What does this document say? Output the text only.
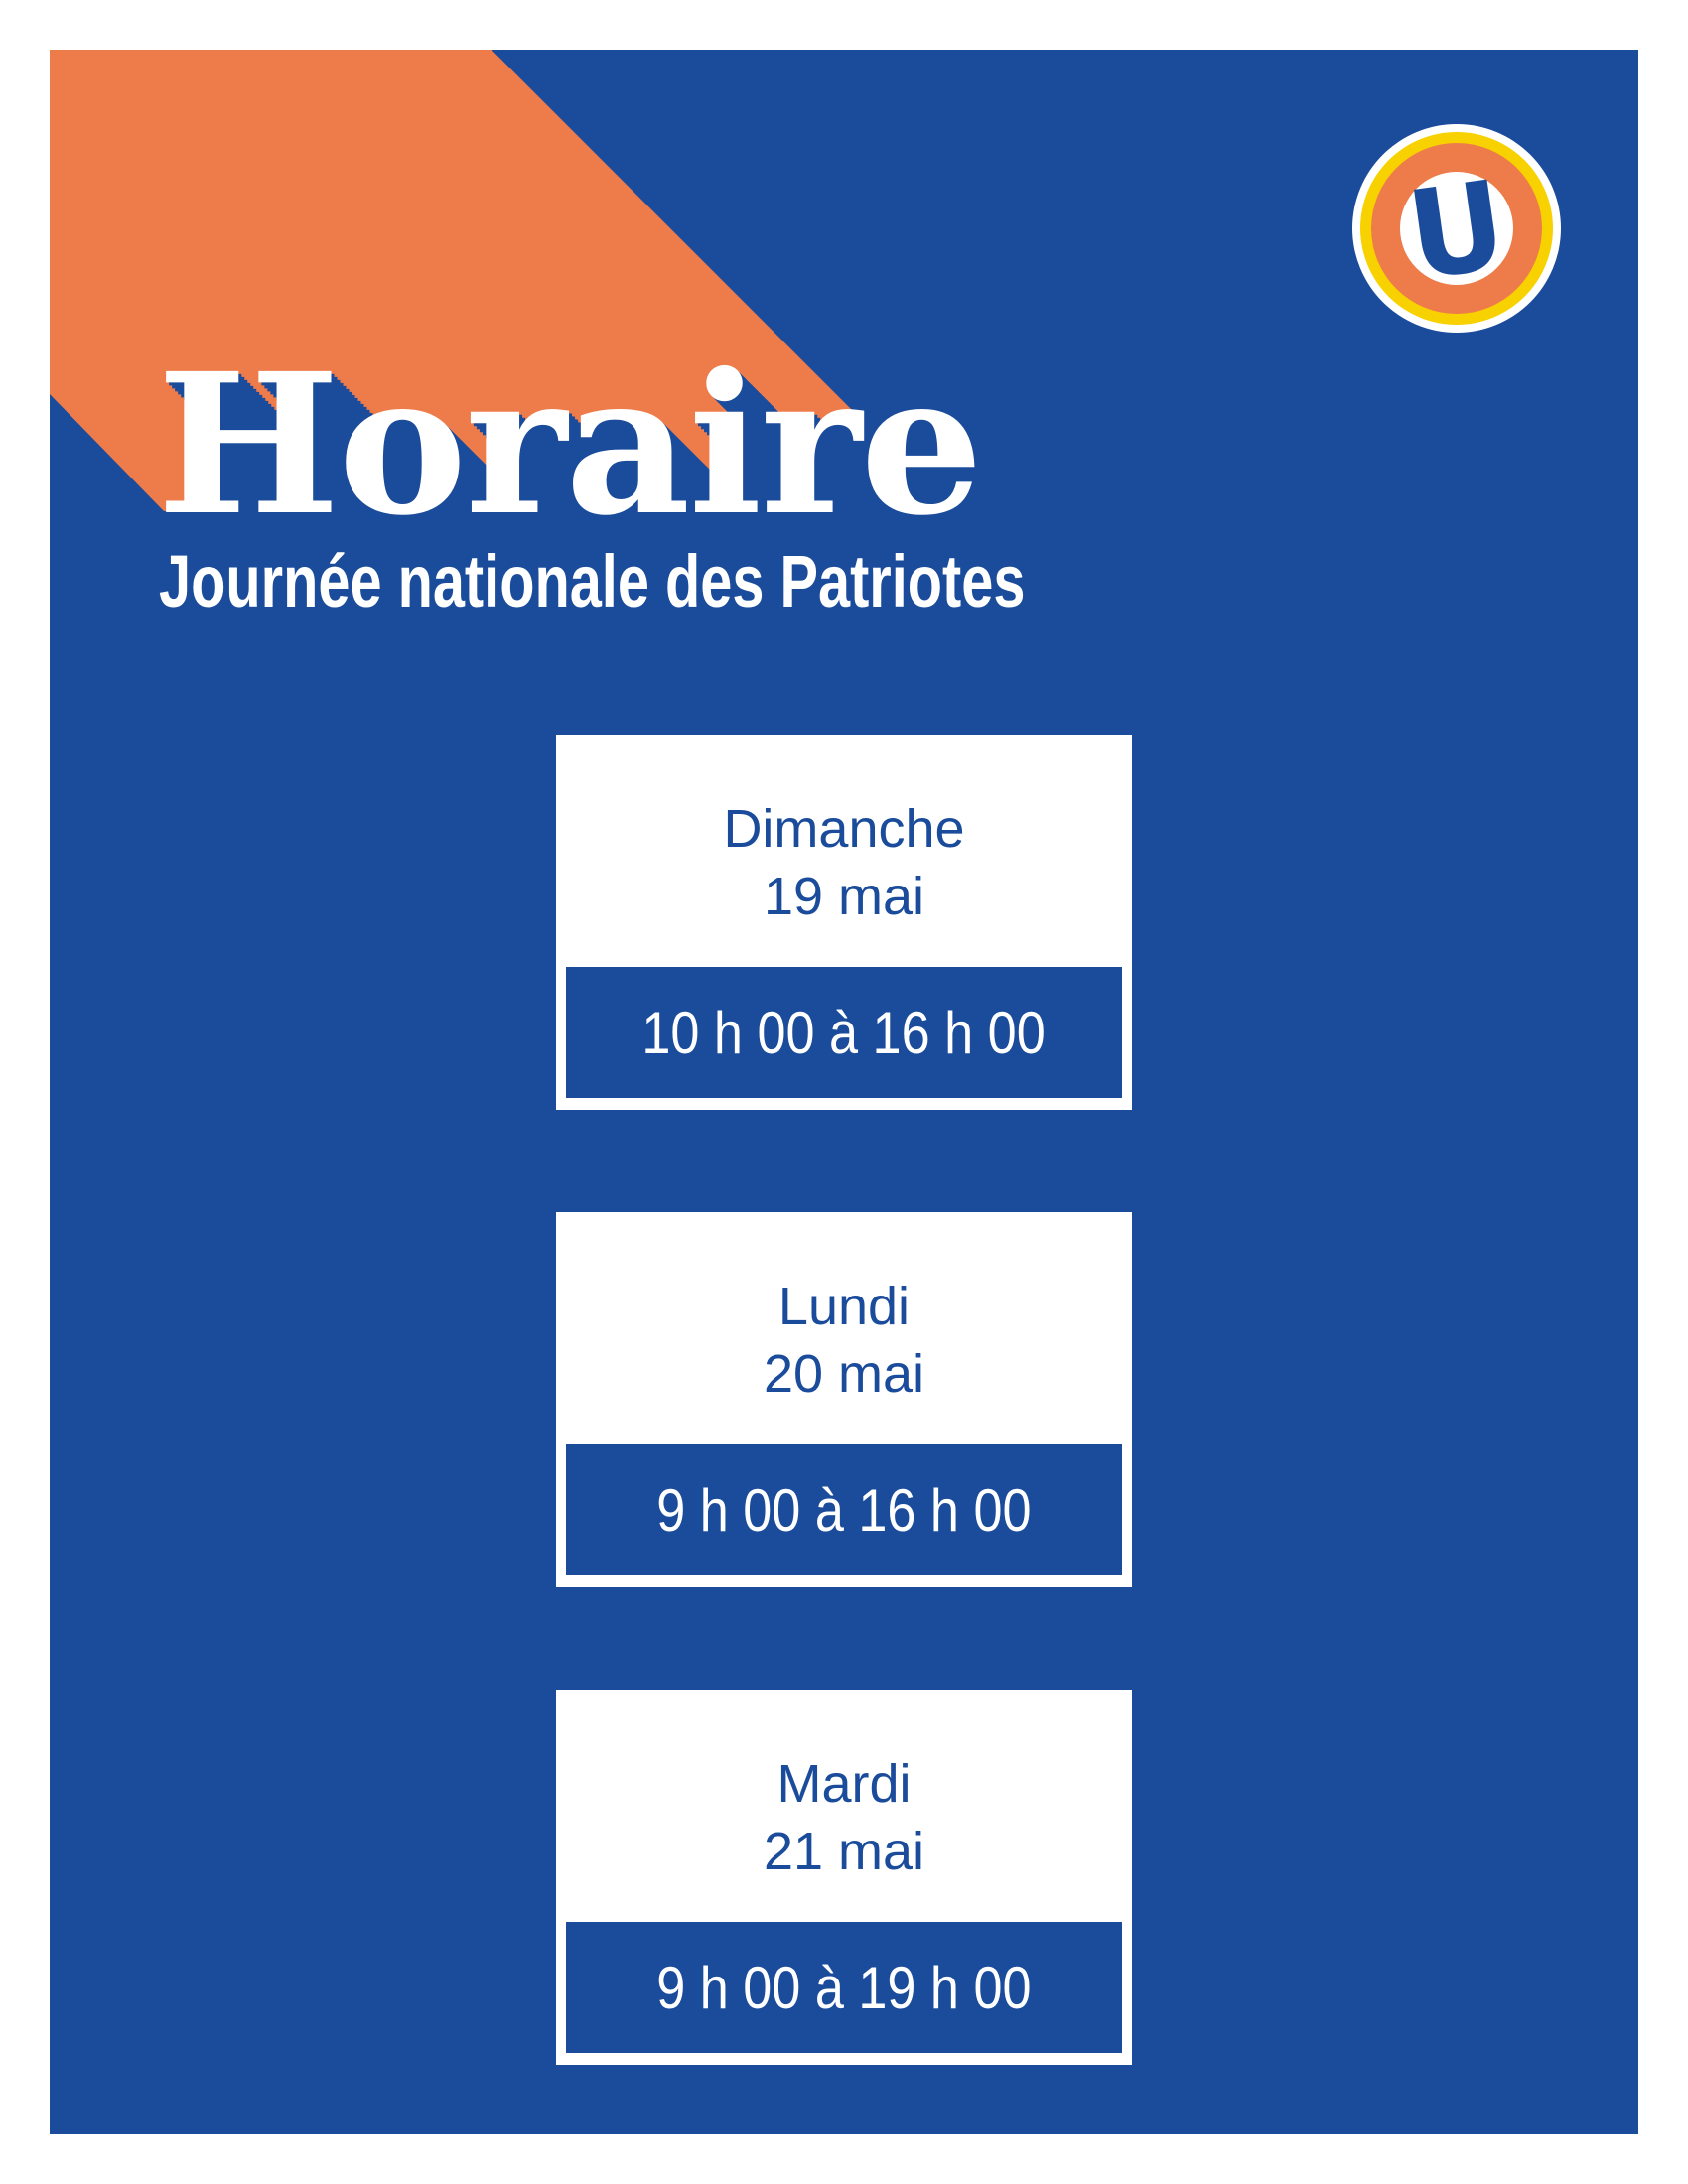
Horaire
Journée nationale des Patriotes
U
Dimanche
19 mai
10 h 00 à 16 h 00
Lundi
20 mai
9 h 00 à 16 h 00
Mardi
21 mai
9 h 00 à 19 h 00
